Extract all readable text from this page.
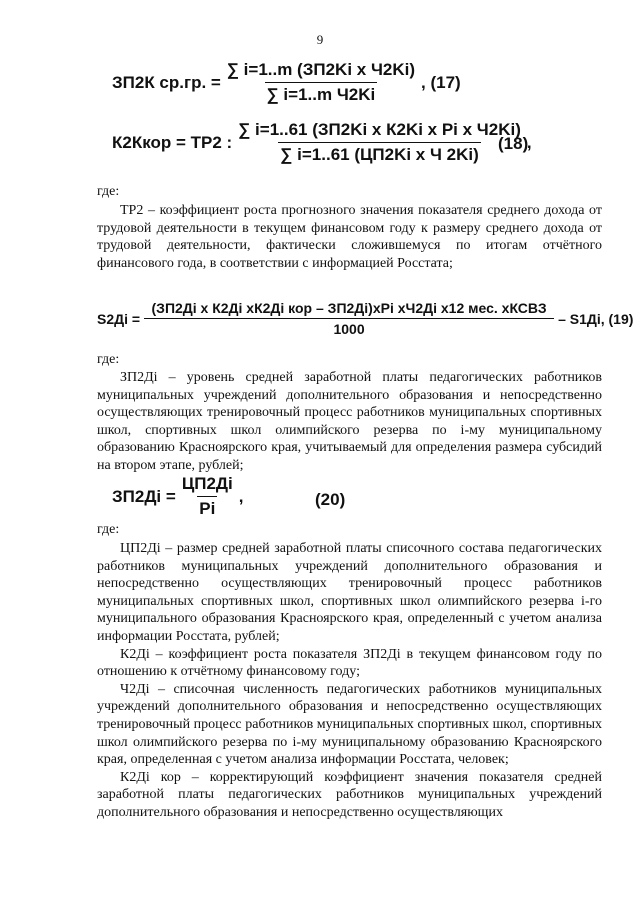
9
ЗП2К ср.гр. = $\frac{\text{∑ i=1..m (ЗП2Ki x Ч2Ki)}}{\text{∑ i=1..m Ч2Ki}}$ , (17)
К2Ккор = ТР2 : $\frac{\text{∑ i=1..61 (ЗП2Ki x К2Ki x Pi x Ч2Ki)}}{\text{∑ i=1..61 (ЦП2Ki x Ч 2Ki)}}$ ,
(18)
где:

ТР2 – коэффициент роста прогнозного значения показателя среднего дохода от трудовой деятельности в текущем финансовом году к размеру среднего дохода от трудовой деятельности, фактически сложившемуся по итогам отчётного финансового года, в соответствии с информацией Росстата;

$S2Дi = \frac{\text{(ЗП2Дi x К2Дi xК2Дi кор – ЗП2Дi)xPi xЧ2Дi x12 мес. xКСВЗ}}{1000} - S1Дi$, (19)
где:

ЗП2Дi – уровень средней заработной платы педагогических работников муниципальных учреждений дополнительного образования и непосредственно осуществляющих тренировочный процесс работников муниципальных спортивных школ, спортивных школ олимпийского резерва по i-му муниципальному образованию Красноярского края, учитываемый для определения размера субсидий на втором этапе, рублей;

$ЗП2Дi = \frac{ЦП2Дi}{Pi}$ ,	(20)
где:

ЦП2Дi – размер средней заработной платы списочного состава педагогических работников муниципальных учреждений дополнительного образования и непосредственно осуществляющих тренировочный процесс работников муниципальных спортивных школ, спортивных школ олимпийского резерва i-го муниципального образования Красноярского края, определенный с учетом анализа информации Росстата, рублей;

К2Дi – коэффициент роста показателя ЗП2Дi в текущем финансовом году по отношению к отчётному финансовому году;

Ч2Дi – списочная численность педагогических работников муниципальных учреждений дополнительного образования и непосредственно осуществляющих тренировочный процесс работников муниципальных спортивных школ, спортивных школ олимпийского резерва по i-му муниципальному образованию Красноярского края, определенная с учетом анализа информации Росстата, человек;

К2Дi кор – корректирующий коэффициент значения показателя средней заработной платы педагогических работников муниципальных учреждений дополнительного образования и непосредственно осуществляющих
